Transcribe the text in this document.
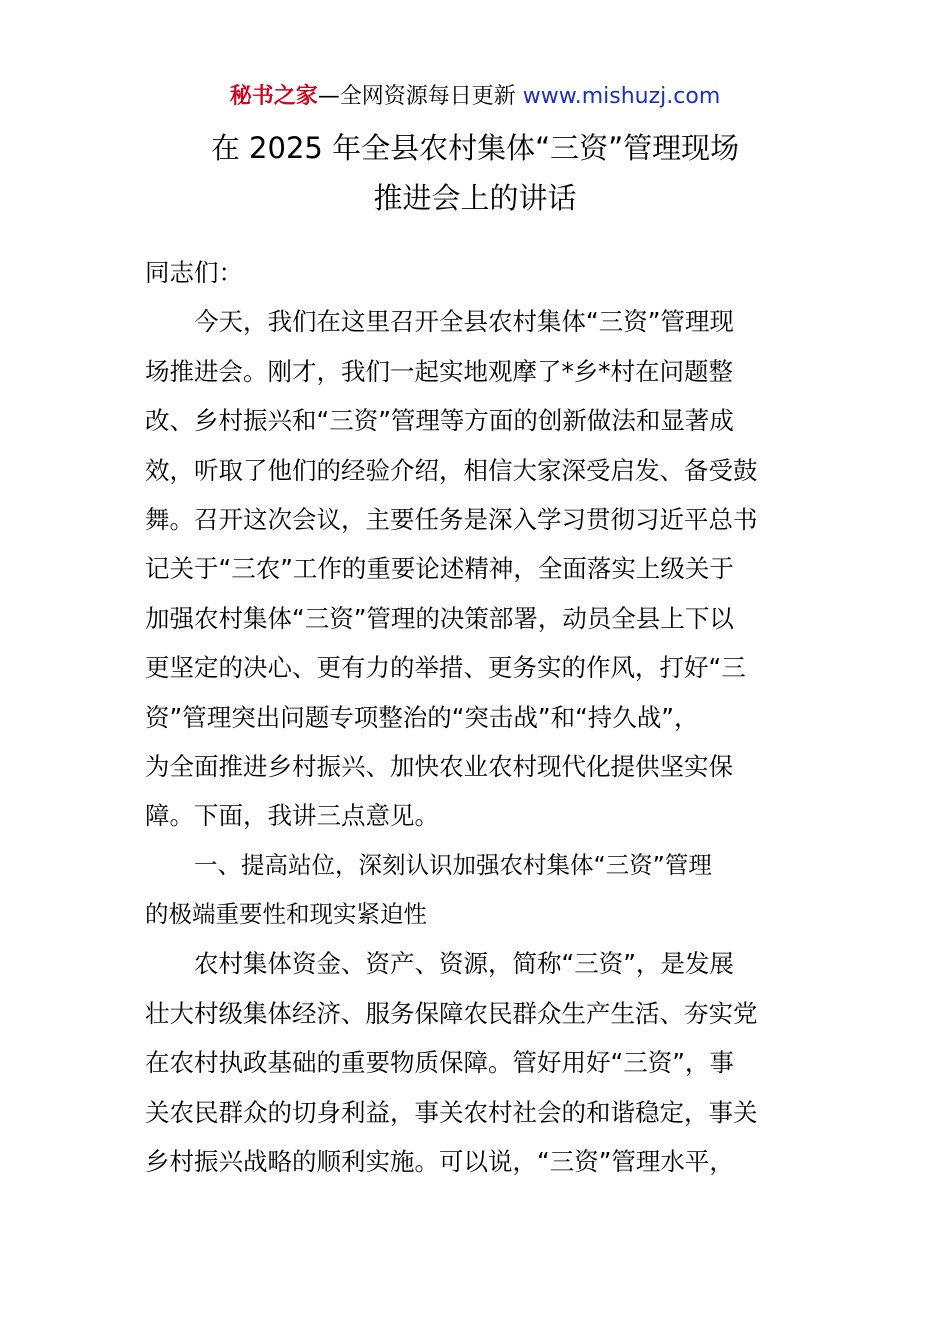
秘书之家—全网资源每日更新 www.mishuzj.com
在 2025 年全县农村集体“三资”管理现场
推进会上的讲话
同志们：
今天，我们在这里召开全县农村集体“三资”管理现
场推进会。刚才，我们一起实地观摩了*乡*村在问题整
改、乡村振兴和“三资”管理等方面的创新做法和显著成
效，听取了他们的经验介绍，相信大家深受启发、备受鼓
舞。召开这次会议，主要任务是深入学习贯彻习近平总书
记关于“三农”工作的重要论述精神，全面落实上级关于
加强农村集体“三资”管理的决策部署，动员全县上下以
更坚定的决心、更有力的举措、更务实的作风，打好“三
资”管理突出问题专项整治的“突击战”和“持久战”，
为全面推进乡村振兴、加快农业农村现代化提供坚实保
障。下面，我讲三点意见。
一、提高站位，深刻认识加强农村集体“三资”管理
的极端重要性和现实紧迫性
农村集体资金、资产、资源，简称“三资”，是发展
壮大村级集体经济、服务保障农民群众生产生活、夯实党
在农村执政基础的重要物质保障。管好用好“三资”，事
关农民群众的切身利益，事关农村社会的和谐稳定，事关
乡村振兴战略的顺利实施。可以说，“三资”管理水平，
